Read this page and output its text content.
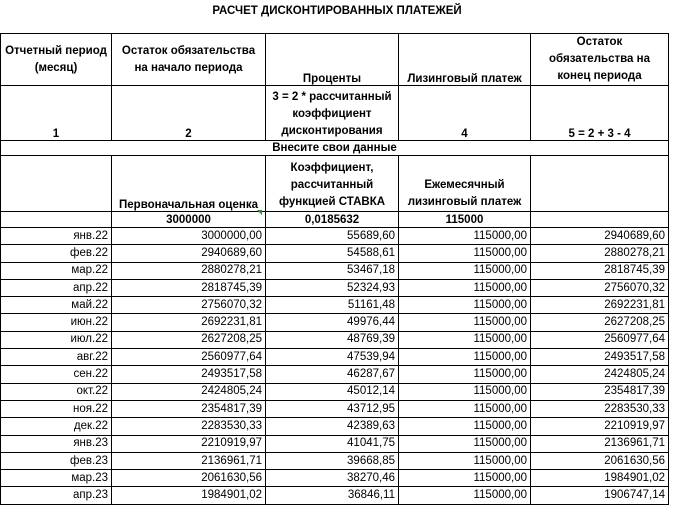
РАСЧЕТ ДИСКОНТИРОВАННЫХ ПЛАТЕЖЕЙ
Отчетный период (месяц)	Остаток обязательства на начало периода	Проценты	Лизинговый платеж	Остаток обязательства на конец периода
1	2	3 = 2 * рассчитанный коэффициент дисконтирования	4	5 = 2 + 3 - 4
Внесите свои данные				
	Первоначальная оценка	Коэффициент, рассчитанный функцией СТАВКА	Ежемесячный лизинговый платеж	
	3000000	0,0185632	115000	
янв.22	3000000,00	55689,60	115000,00	2940689,60
фев.22	2940689,60	54588,61	115000,00	2880278,21
мар.22	2880278,21	53467,18	115000,00	2818745,39
апр.22	2818745,39	52324,93	115000,00	2756070,32
май.22	2756070,32	51161,48	115000,00	2692231,81
июн.22	2692231,81	49976,44	115000,00	2627208,25
июл.22	2627208,25	48769,39	115000,00	2560977,64
авг.22	2560977,64	47539,94	115000,00	2493517,58
сен.22	2493517,58	46287,67	115000,00	2424805,24
окт.22	2424805,24	45012,14	115000,00	2354817,39
ноя.22	2354817,39	43712,95	115000,00	2283530,33
дек.22	2283530,33	42389,63	115000,00	2210919,97
янв.23	2210919,97	41041,75	115000,00	2136961,71
фев.23	2136961,71	39668,85	115000,00	2061630,56
мар.23	2061630,56	38270,46	115000,00	1984901,02
апр.23	1984901,02	36846,11	115000,00	1906747,14
